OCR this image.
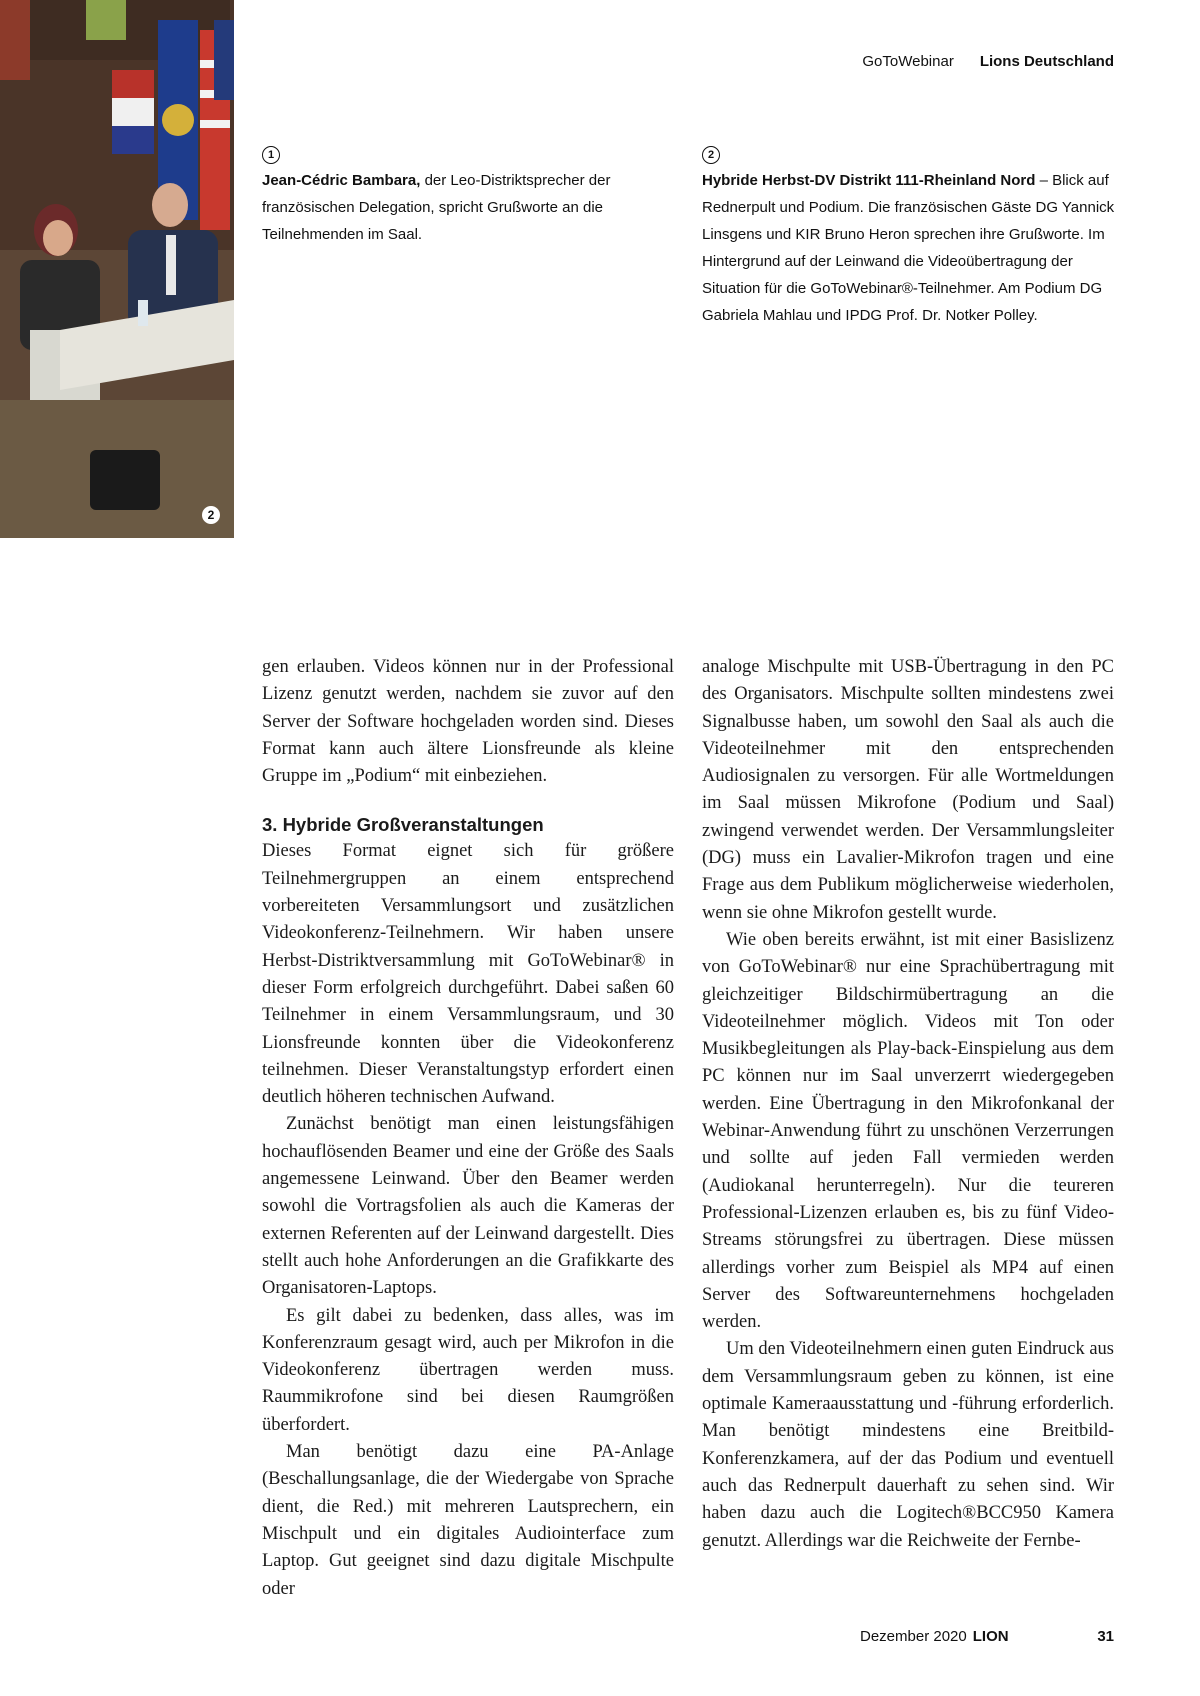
2
GoToWebinar Lions Deutschland
1
Jean-Cédric Bambara, der Leo-Distriktsprecher der französischen Delegation, spricht Grußworte an die Teilnehmenden im Saal.
2
Hybride Herbst-DV Distrikt 111-Rheinland Nord – Blick auf Rednerpult und Podium. Die französischen Gäste DG Yannick Linsgens und KIR Bruno Heron sprechen ihre Grußworte. Im Hintergrund auf der Leinwand die Videoübertragung der Situation für die GoToWebinar®-Teilnehmer. Am Podium DG Gabriela Mahlau und IPDG Prof. Dr. Notker Polley.

gen erlauben. Videos können nur in der Professional Lizenz genutzt werden, nachdem sie zuvor auf den Server der Software hochgeladen worden sind. Dieses Format kann auch ältere Lionsfreunde als kleine Gruppe im „Podium“ mit einbeziehen.

3. Hybride Großveranstaltungen

Dieses Format eignet sich für größere Teilnehmergruppen an einem entsprechend vorbereiteten Versammlungsort und zusätzlichen Videokonferenz-Teilnehmern. Wir haben unsere Herbst-Distriktversammlung mit GoToWebinar® in dieser Form erfolgreich durchgeführt. Dabei saßen 60 Teilnehmer in einem Versammlungsraum, und 30 Lionsfreunde konnten über die Videokonferenz teilnehmen. Dieser Veranstaltungstyp erfordert einen deutlich höheren technischen Aufwand.

Zunächst benötigt man einen leistungsfähigen hochauflösenden Beamer und eine der Größe des Saals angemessene Leinwand. Über den Beamer werden sowohl die Vortragsfolien als auch die Kameras der externen Referenten auf der Leinwand dargestellt. Dies stellt auch hohe Anforderungen an die Grafikkarte des Organisatoren-Laptops.

Es gilt dabei zu bedenken, dass alles, was im Konferenzraum gesagt wird, auch per Mikrofon in die Videokonferenz übertragen werden muss. Raummikrofone sind bei diesen Raumgrößen überfordert.

Man benötigt dazu eine PA-Anlage (Beschallungsanlage, die der Wiedergabe von Sprache dient, die Red.) mit mehreren Lautsprechern, ein Mischpult und ein digitales Audiointerface zum Laptop. Gut geeignet sind dazu digitale Mischpulte oder

analoge Mischpulte mit USB-Übertragung in den PC des Organisators. Mischpulte sollten mindestens zwei Signalbusse haben, um sowohl den Saal als auch die Videoteilnehmer mit den entsprechenden Audiosignalen zu versorgen. Für alle Wortmeldungen im Saal müssen Mikrofone (Podium und Saal) zwingend verwendet werden. Der Versammlungsleiter (DG) muss ein Lavalier-Mikrofon tragen und eine Frage aus dem Publikum möglicherweise wiederholen, wenn sie ohne Mikrofon gestellt wurde.

Wie oben bereits erwähnt, ist mit einer Basislizenz von GoToWebinar® nur eine Sprachübertragung mit gleichzeitiger Bildschirmübertragung an die Videoteilnehmer möglich. Videos mit Ton oder Musikbegleitungen als Play-back-Einspielung aus dem PC können nur im Saal unverzerrt wiedergegeben werden. Eine Übertragung in den Mikrofonkanal der Webinar-Anwendung führt zu unschönen Verzerrungen und sollte auf jeden Fall vermieden werden (Audiokanal herunterregeln). Nur die teureren Professional-Lizenzen erlauben es, bis zu fünf Video-Streams störungsfrei zu übertragen. Diese müssen allerdings vorher zum Beispiel als MP4 auf einen Server des Softwareunternehmens hochgeladen werden.

Um den Videoteilnehmern einen guten Eindruck aus dem Versammlungsraum geben zu können, ist eine optimale Kameraausstattung und -führung erforderlich. Man benötigt mindestens eine Breitbild-Konferenzkamera, auf der das Podium und eventuell auch das Rednerpult dauerhaft zu sehen sind. Wir haben dazu auch die Logitech®BCC950 Kamera genutzt. Allerdings war die Reichweite der Fernbe-

Dezember 2020 LION	31
